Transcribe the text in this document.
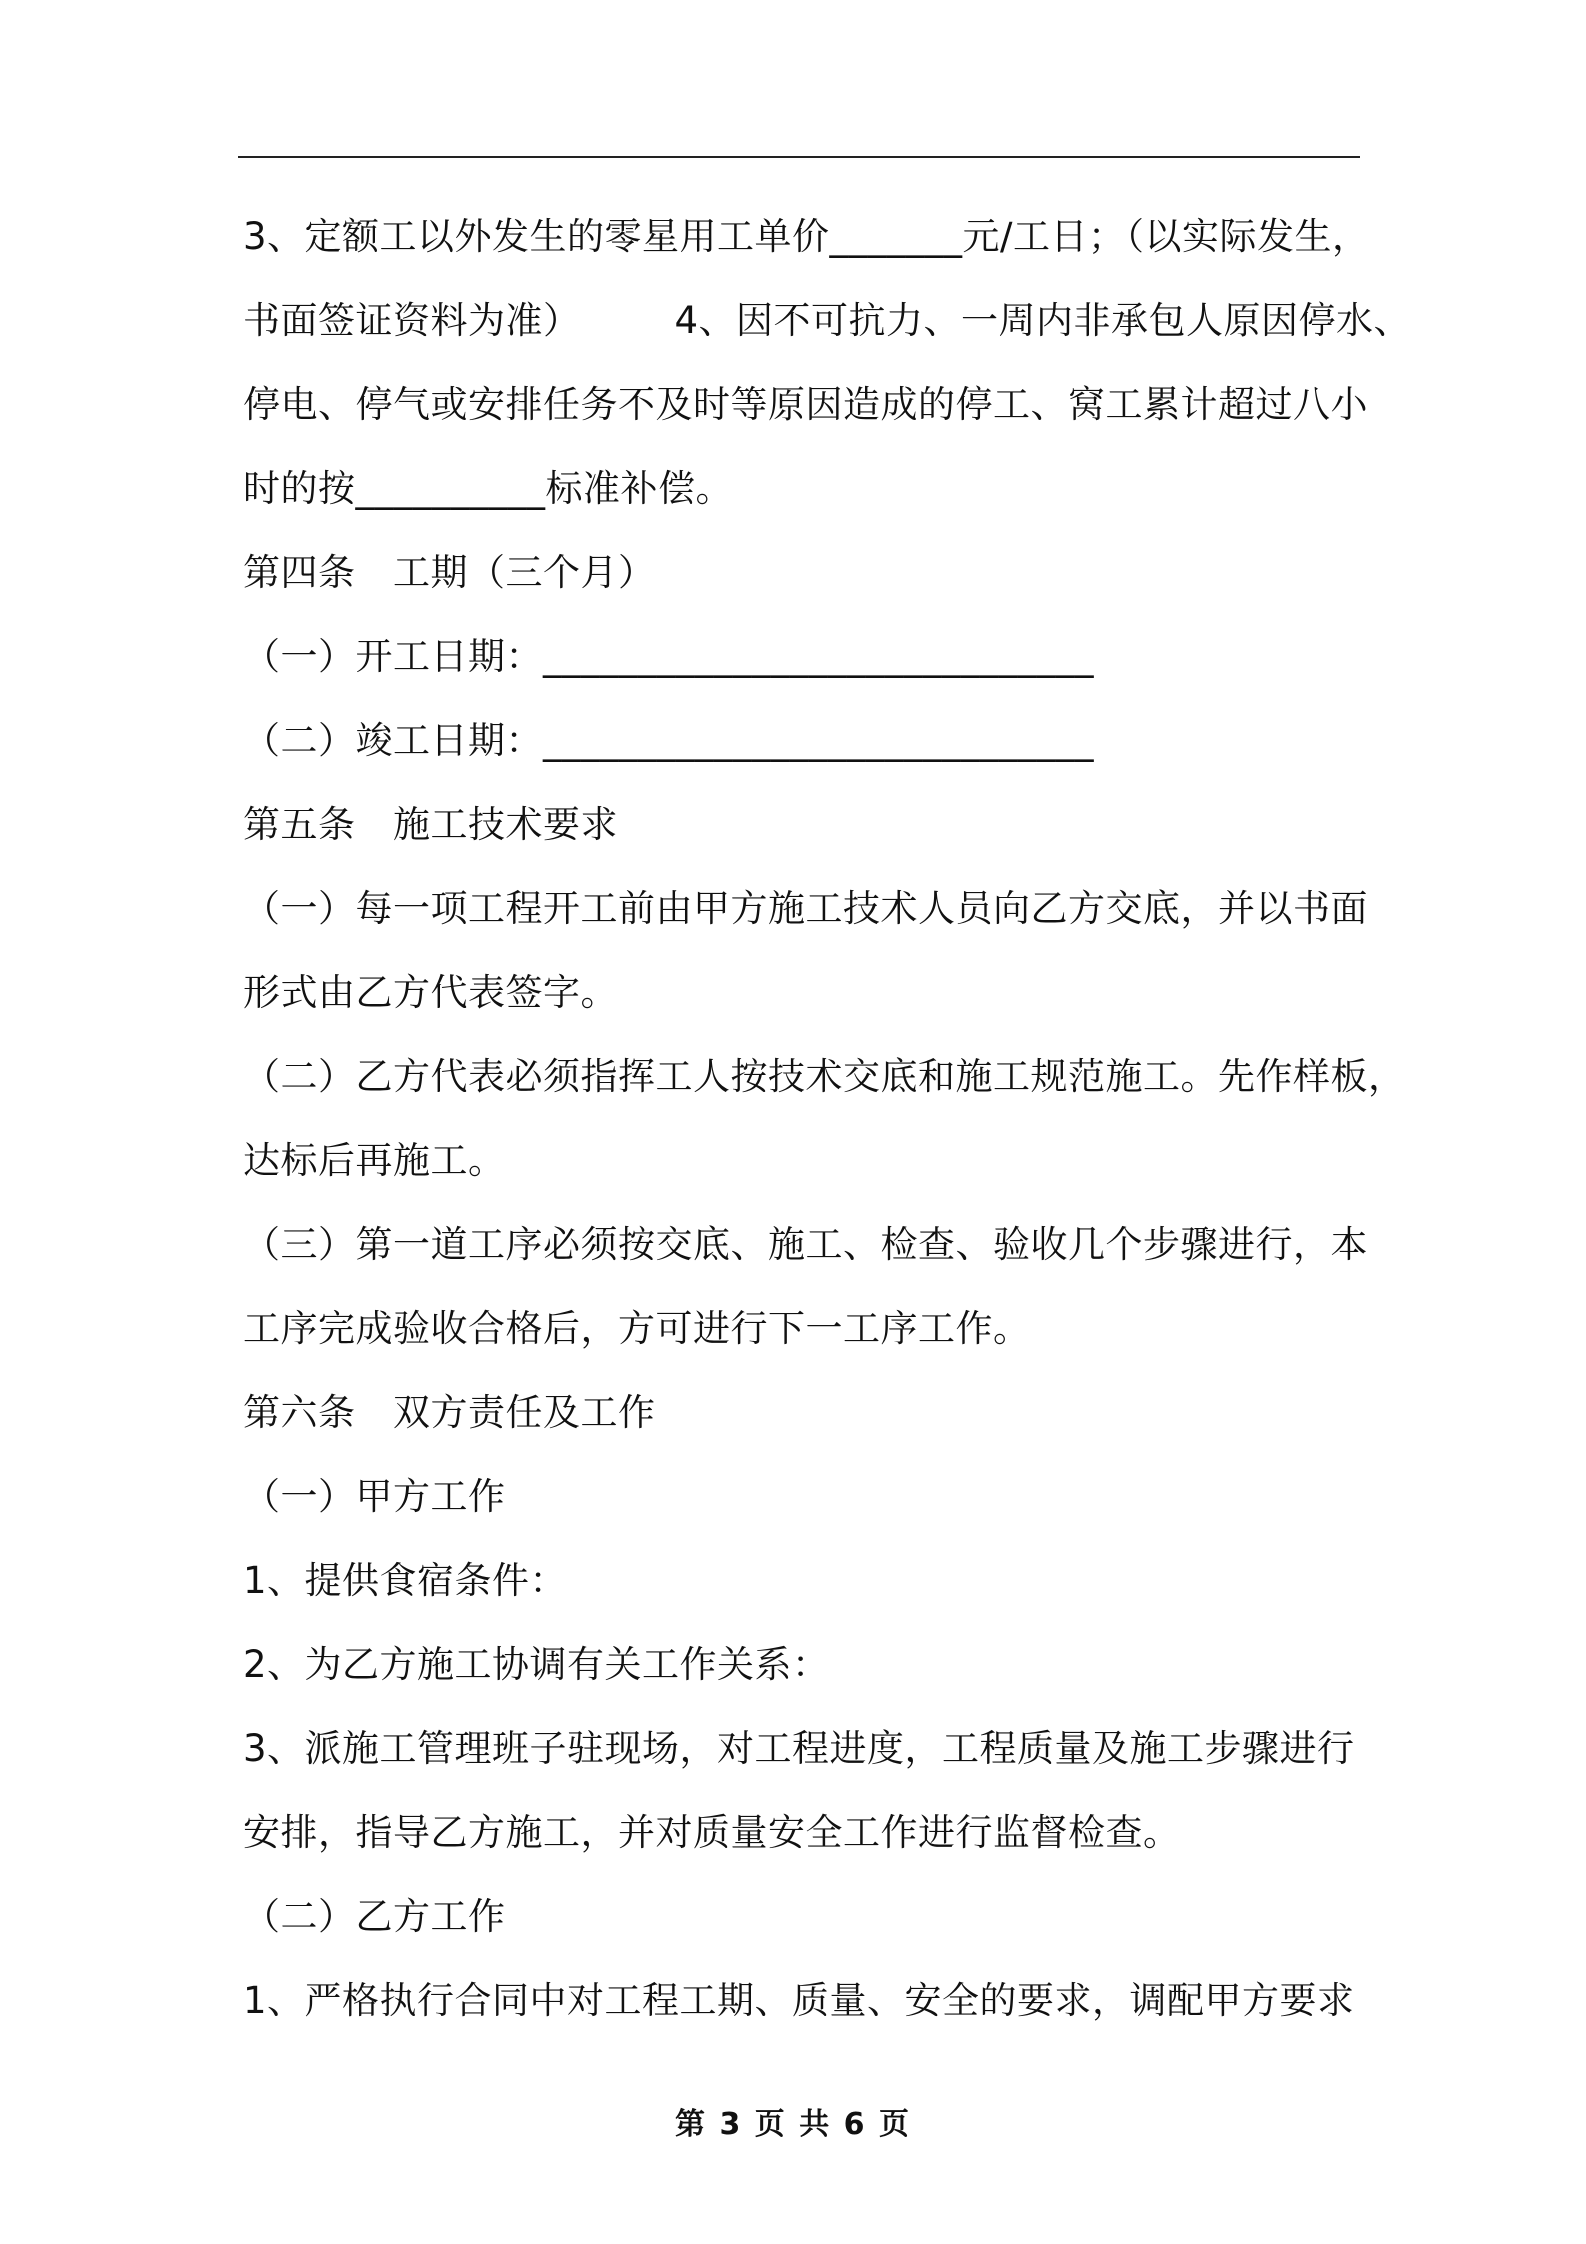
3、定额工以外发生的零星用工单价_______元/工日；（以实际发生，
书面签证资料为准）　　　4、因不可抗力、一周内非承包人原因停水、
停电、停气或安排任务不及时等原因造成的停工、窝工累计超过八小
时的按__________标准补偿。
第四条　工期（三个月）
（一）开工日期：_____________________________
（二）竣工日期：_____________________________
第五条　施工技术要求
（一）每一项工程开工前由甲方施工技术人员向乙方交底，并以书面
形式由乙方代表签字。
（二）乙方代表必须指挥工人按技术交底和施工规范施工。先作样板，
达标后再施工。
（三）第一道工序必须按交底、施工、检查、验收几个步骤进行，本
工序完成验收合格后，方可进行下一工序工作。
第六条　双方责任及工作
（一）甲方工作
1、提供食宿条件：
2、为乙方施工协调有关工作关系：
3、派施工管理班子驻现场，对工程进度，工程质量及施工步骤进行
安排，指导乙方施工，并对质量安全工作进行监督检查。
（二）乙方工作
1、严格执行合同中对工程工期、质量、安全的要求，调配甲方要求
第 3 页 共 6 页
